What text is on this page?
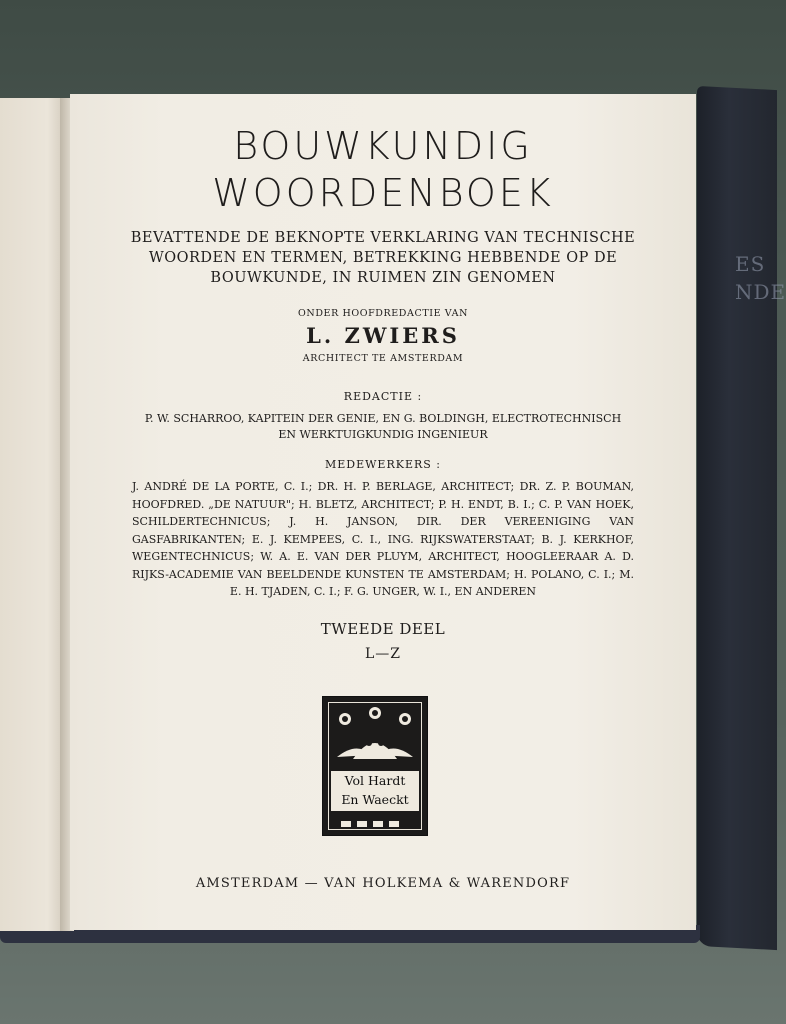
ES
NDE
BOUWKUNDIG
WOORDENBOEK
BEVATTENDE DE BEKNOPTE VERKLARING VAN TECHNISCHE
WOORDEN EN TERMEN, BETREKKING HEBBENDE OP DE
BOUWKUNDE, IN RUIMEN ZIN GENOMEN
ONDER HOOFDREDACTIE VAN
L. ZWIERS
ARCHITECT TE AMSTERDAM
REDACTIE :
P. W. SCHARROO, KAPITEIN DER GENIE, EN G. BOLDINGH, ELECTROTECHNISCH
EN WERKTUIGKUNDIG INGENIEUR
MEDEWERKERS :
J. ANDRÉ DE LA PORTE, C. I.; DR. H. P. BERLAGE, ARCHITECT; DR. Z. P. BOUMAN, HOOFDRED. „DE NATUUR"; H. BLETZ, ARCHITECT; P. H. ENDT, B. I.; C. P. VAN HOEK, SCHILDERTECHNICUS; J. H. JANSON, DIR. DER VEREENIGING VAN GASFABRIKANTEN; E. J. KEMPEES, C. I., ING. RIJKSWATERSTAAT; B. J. KERKHOF, WEGENTECHNICUS; W. A. E. VAN DER PLUYM, ARCHITECT, HOOGLEERAAR A. D. RIJKS-ACADEMIE VAN BEELDENDE KUNSTEN TE AMSTERDAM; H. POLANO, C. I.; M. E. H. TJADEN, C. I.; F. G. UNGER, W. I., EN ANDEREN
TWEEDE DEEL
L—Z
Vol Hardt
En Waeckt
AMSTERDAM — VAN HOLKEMA & WARENDORF
